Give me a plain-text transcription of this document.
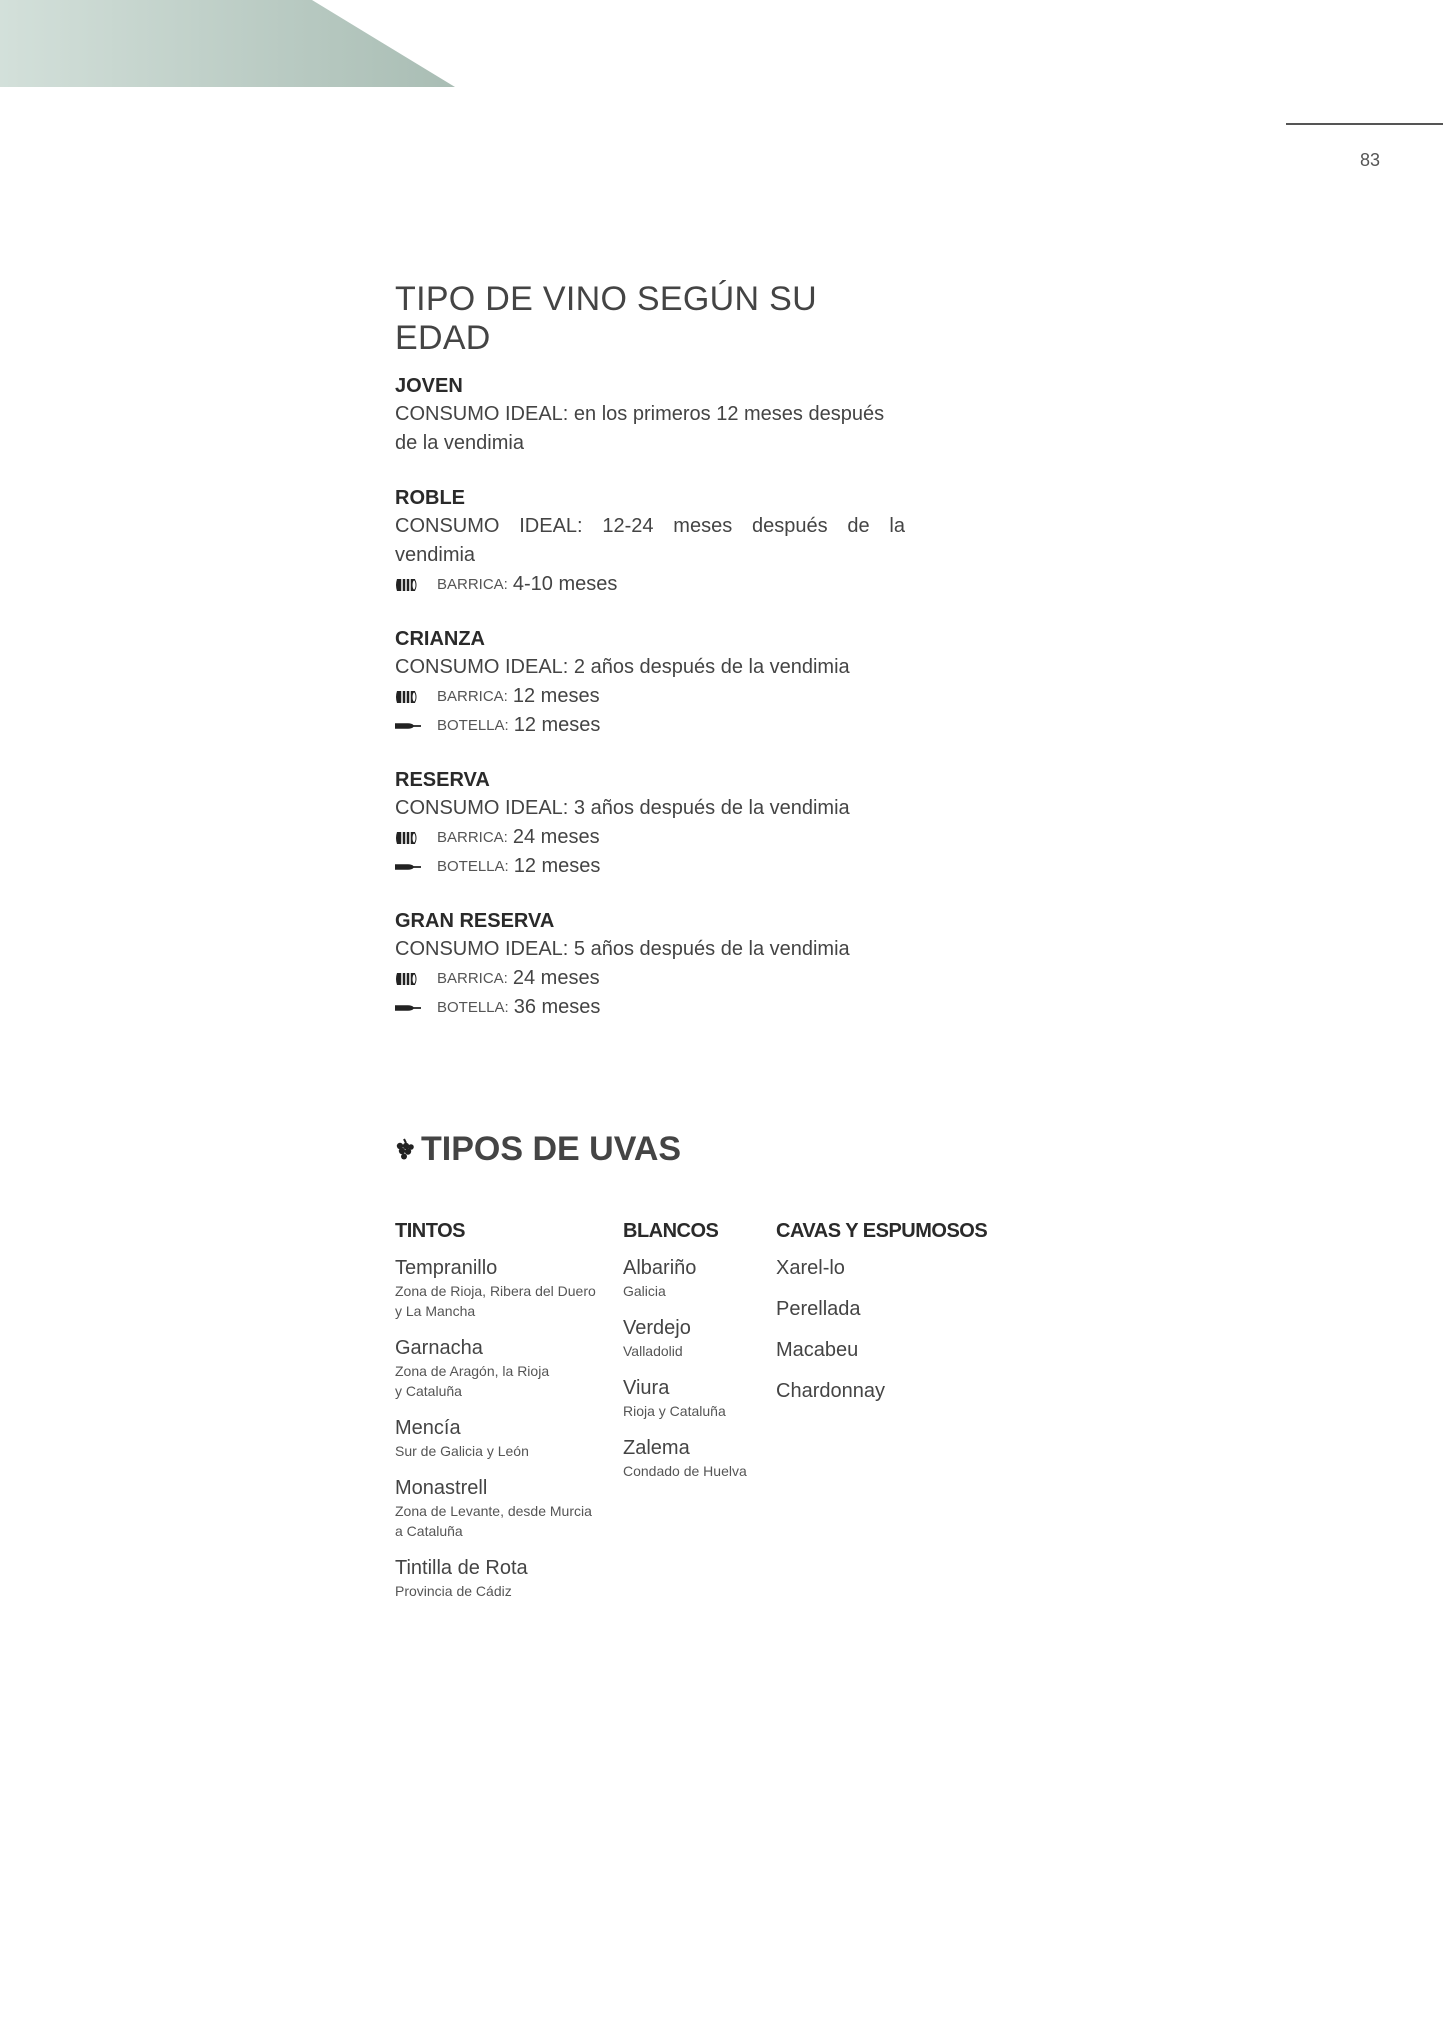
83
TIPO DE VINO SEGÚN SU EDAD
JOVEN
CONSUMO IDEAL: en los primeros 12 meses después de la vendimia
ROBLE
CONSUMO IDEAL: 12-24 meses después de la vendimia
BARRICA: 4-10 meses
CRIANZA
CONSUMO IDEAL: 2 años después de la vendimia
BARRICA: 12 meses
BOTELLA: 12 meses
RESERVA
CONSUMO IDEAL: 3 años después de la vendimia
BARRICA: 24 meses
BOTELLA: 12 meses
GRAN RESERVA
CONSUMO IDEAL: 5 años después de la vendimia
BARRICA: 24 meses
BOTELLA: 36 meses
TIPOS DE UVAS
TINTOS
Tempranillo
Zona de Rioja, Ribera del Duero
y La Mancha
Garnacha
Zona de Aragón, la Rioja
y Cataluña
Mencía
Sur de Galicia y León
Monastrell
Zona de Levante, desde Murcia
a Cataluña
Tintilla de Rota
Provincia de Cádiz
BLANCOS
Albariño
Galicia
Verdejo
Valladolid
Viura
Rioja y Cataluña
Zalema
Condado de Huelva
CAVAS Y ESPUMOSOS
Xarel-lo
Perellada
Macabeu
Chardonnay
